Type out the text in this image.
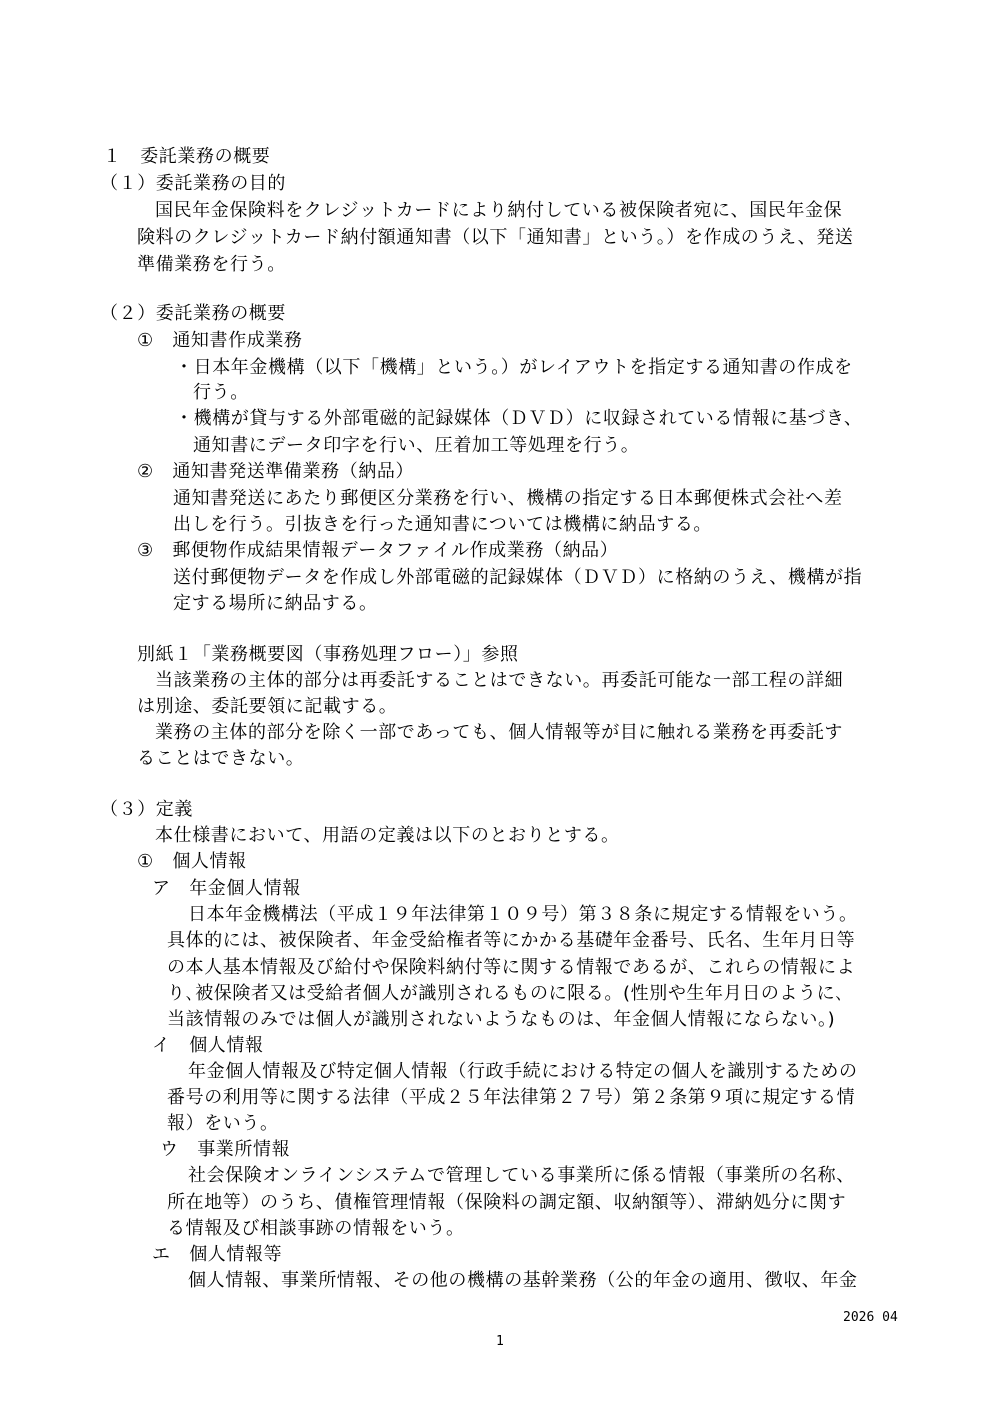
１　委託業務の概要
（１）委託業務の目的
国民年金保険料をクレジットカードにより納付している被保険者宛に、国民年金保
険料のクレジットカード納付額通知書（以下「通知書」という。）を作成のうえ、発送
準備業務を行う。
（２）委託業務の概要
①　通知書作成業務
・日本年金機構（以下「機構」という。）がレイアウトを指定する通知書の作成を
行う。
・機構が貸与する外部電磁的記録媒体（ＤＶＤ）に収録されている情報に基づき、
通知書にデータ印字を行い、圧着加工等処理を行う。
②　通知書発送準備業務（納品）
通知書発送にあたり郵便区分業務を行い、機構の指定する日本郵便株式会社へ差
出しを行う。引抜きを行った通知書については機構に納品する。
③　郵便物作成結果情報データファイル作成業務（納品）
送付郵便物データを作成し外部電磁的記録媒体（ＤＶＤ）に格納のうえ、機構が指
定する場所に納品する。
別紙１「業務概要図（事務処理フロー）」参照
当該業務の主体的部分は再委託することはできない。再委託可能な一部工程の詳細
は別途、委託要領に記載する。
業務の主体的部分を除く一部であっても、個人情報等が目に触れる業務を再委託す
ることはできない。
（３）定義
本仕様書において、用語の定義は以下のとおりとする。
①　個人情報
ア　年金個人情報
日本年金機構法（平成１９年法律第１０９号）第３８条に規定する情報をいう。
具体的には、被保険者、年金受給権者等にかかる基礎年金番号、氏名、生年月日等
の本人基本情報及び給付や保険料納付等に関する情報であるが、これらの情報によ
り､被保険者又は受給者個人が識別されるものに限る。(性別や生年月日のように､
当該情報のみでは個人が識別されないようなものは、年金個人情報にならない。)
イ　個人情報
年金個人情報及び特定個人情報（行政手続における特定の個人を識別するための
番号の利用等に関する法律（平成２５年法律第２７号）第２条第９項に規定する情
報）をいう。
ウ　事業所情報
社会保険オンラインシステムで管理している事業所に係る情報（事業所の名称、
所在地等）のうち、債権管理情報（保険料の調定額、収納額等）、滞納処分に関す
る情報及び相談事跡の情報をいう。
エ　個人情報等
個人情報、事業所情報、その他の機構の基幹業務（公的年金の適用、徴収、年金
2026 04
1
